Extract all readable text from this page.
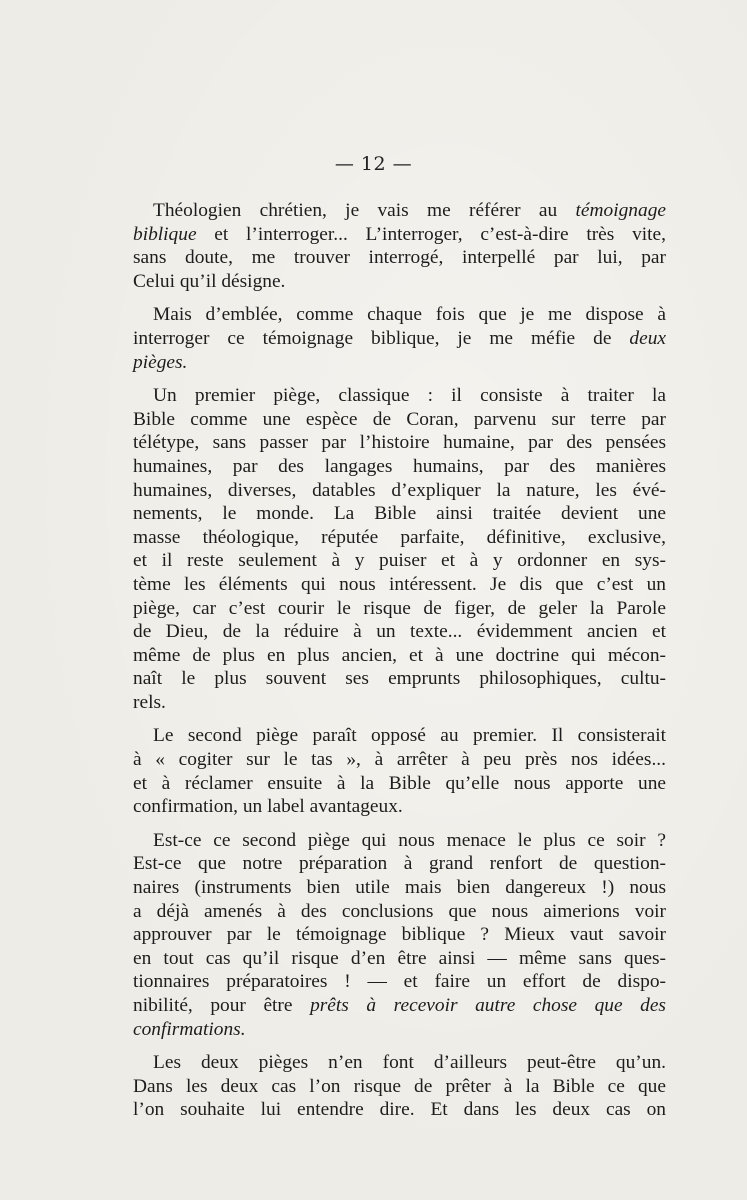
— 12 —

Théologien chrétien, je vais me référer au témoignage
biblique et l’interroger... L’interroger, c’est-à-dire très vite,
sans doute, me trouver interrogé, interpellé par lui, par
Celui qu’il désigne.

Mais d’emblée, comme chaque fois que je me dispose à
interroger ce témoignage biblique, je me méfie de deux
pièges.

Un premier piège, classique : il consiste à traiter la
Bible comme une espèce de Coran, parvenu sur terre par
télétype, sans passer par l’histoire humaine, par des pensées
humaines, par des langages humains, par des manières
humaines, diverses, datables d’expliquer la nature, les évé-
nements, le monde. La Bible ainsi traitée devient une
masse théologique, réputée parfaite, définitive, exclusive,
et il reste seulement à y puiser et à y ordonner en sys-
tème les éléments qui nous intéressent. Je dis que c’est un
piège, car c’est courir le risque de figer, de geler la Parole
de Dieu, de la réduire à un texte... évidemment ancien et
même de plus en plus ancien, et à une doctrine qui mécon-
naît le plus souvent ses emprunts philosophiques, cultu-
rels.

Le second piège paraît opposé au premier. Il consisterait
à « cogiter sur le tas », à arrêter à peu près nos idées...
et à réclamer ensuite à la Bible qu’elle nous apporte une
confirmation, un label avantageux.

Est-ce ce second piège qui nous menace le plus ce soir ?
Est-ce que notre préparation à grand renfort de question-
naires (instruments bien utile mais bien dangereux !) nous
a déjà amenés à des conclusions que nous aimerions voir
approuver par le témoignage biblique ? Mieux vaut savoir
en tout cas qu’il risque d’en être ainsi — même sans ques-
tionnaires préparatoires ! — et faire un effort de dispo-
nibilité, pour être prêts à recevoir autre chose que des
confirmations.

Les deux pièges n’en font d’ailleurs peut-être qu’un.
Dans les deux cas l’on risque de prêter à la Bible ce que
l’on souhaite lui entendre dire. Et dans les deux cas on
